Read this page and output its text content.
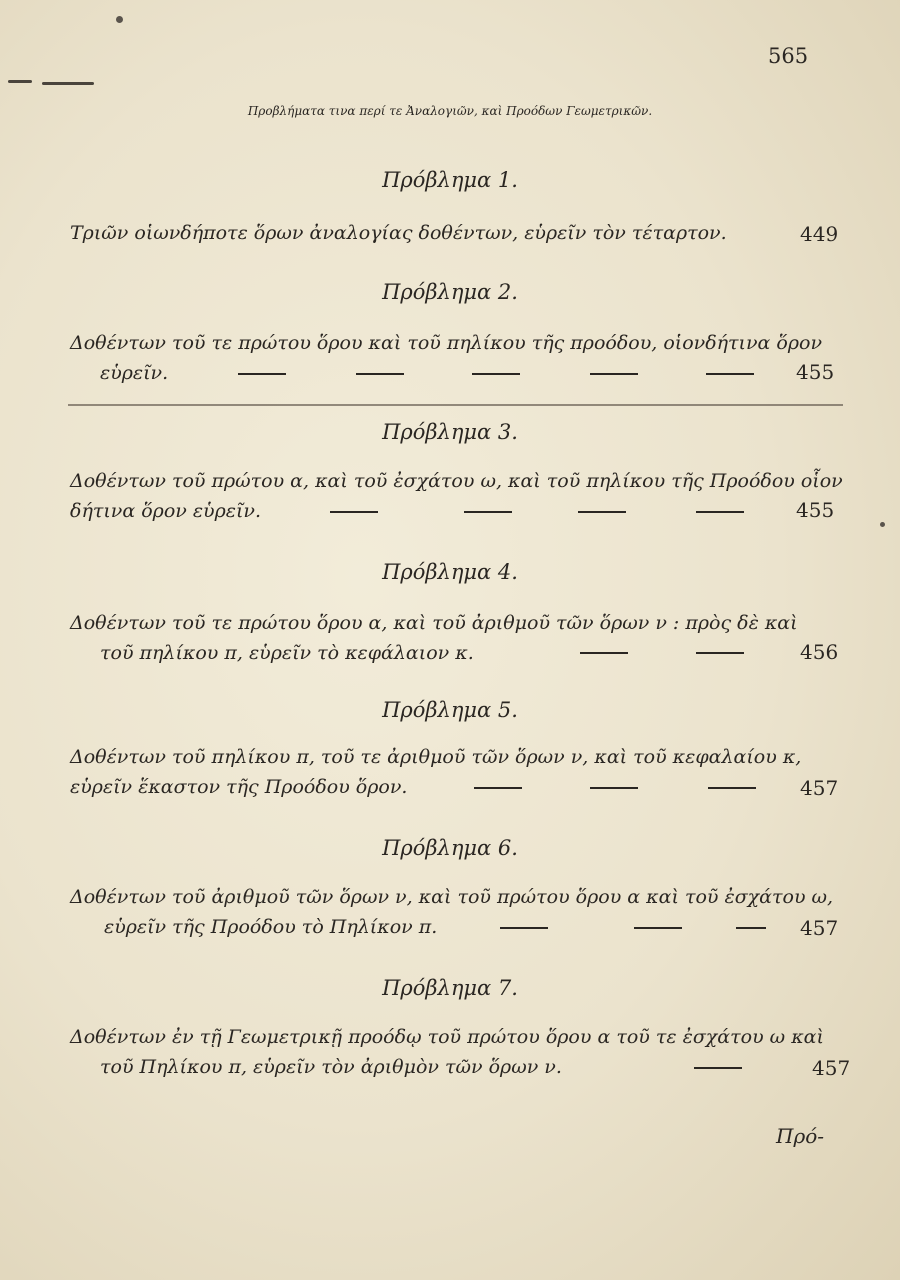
565
Προβλήματα τινα περί τε Ἀναλογιῶν, καὶ Προόδων Γεωμετρικῶν.
Πρόβλημα 1.
Τριῶν οἱωνδήποτε ὅρων ἀναλογίας δοθέντων, εὑρεῖν τὸν τέταρτον.	449
Πρόβλημα 2.
Δοθέντων τοῦ τε πρώτου ὅρου καὶ τοῦ πηλίκου τῆς προόδου, οἱονδήτινα ὅρον
εὑρεῖν.	455
Πρόβλημα 3.
Δοθέντων τοῦ πρώτου α, καὶ τοῦ ἐσχάτου ω, καὶ τοῦ πηλίκου τῆς Προόδου οἷον
δήτινα ὅρον εὑρεῖν.	455
Πρόβλημα 4.
Δοθέντων τοῦ τε πρώτου ὅρου α, καὶ τοῦ ἀριθμοῦ τῶν ὅρων ν : πρὸς δὲ καὶ
τοῦ πηλίκου π, εὑρεῖν τὸ κεφάλαιον κ.	456
Πρόβλημα 5.
Δοθέντων τοῦ πηλίκου π, τοῦ τε ἀριθμοῦ τῶν ὅρων ν, καὶ τοῦ κεφαλαίου κ,
εὑρεῖν ἕκαστον τῆς Προόδου ὅρον.	457
Πρόβλημα 6.
Δοθέντων τοῦ ἀριθμοῦ τῶν ὅρων ν, καὶ τοῦ πρώτου ὅρου α καὶ τοῦ ἐσχάτου ω,
εὑρεῖν τῆς Προόδου τὸ Πηλίκον π.	457
Πρόβλημα 7.
Δοθέντων ἐν τῇ Γεωμετρικῇ προόδῳ τοῦ πρώτου ὅρου α τοῦ τε ἐσχάτου ω καὶ
τοῦ Πηλίκου π, εὑρεῖν τὸν ἀριθμὸν τῶν ὅρων ν.	457
Πρό-
